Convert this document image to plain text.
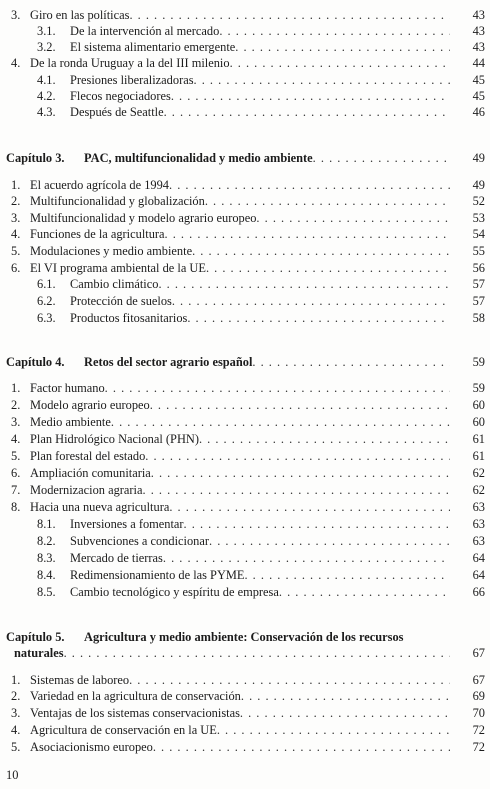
3. Giro en las políticas . . .	43
3.1. De la intervención al mercado . . .	43
3.2. El sistema alimentario emergente . . .	43
4. De la ronda Uruguay a la del III milenio . . .	44
4.1. Presiones liberalizadoras . . .	45
4.2. Flecos negociadores . . .	45
4.3. Después de Seattle . . .	46
Capítulo 3. PAC, multifuncionalidad y medio ambiente . . .	49
1. El acuerdo agrícola de 1994 . . .	49
2. Multifuncionalidad y globalización . . .	52
3. Multifuncionalidad y modelo agrario europeo . . .	53
4. Funciones de la agricultura . . .	54
5. Modulaciones y medio ambiente . . .	55
6. El VI programa ambiental de la UE . . .	56
6.1. Cambio climático . . .	57
6.2. Protección de suelos . . .	57
6.3. Productos fitosanitarios . . .	58
Capítulo 4. Retos del sector agrario español . . .	59
1. Factor humano . . .	59
2. Modelo agrario europeo . . .	60
3. Medio ambiente . . .	60
4. Plan Hidrológico Nacional (PHN) . . .	61
5. Plan forestal del estado . . .	61
6. Ampliación comunitaria . . .	62
7. Modernizacion agraria . . .	62
8. Hacia una nueva agricultura . . .	63
8.1. Inversiones a fomentar . . .	63
8.2. Subvenciones a condicionar . . .	63
8.3. Mercado de tierras . . .	64
8.4. Redimensionamiento de las PYME . . .	64
8.5. Cambio tecnológico y espíritu de empresa . . .	66
Capítulo 5. Agricultura y medio ambiente: Conservación de los recursos
naturales . . .	67
1. Sistemas de laboreo . . .	67
2. Variedad en la agricultura de conservación . . .	69
3. Ventajas de los sistemas conservacionistas . . .	70
4. Agricultura de conservación en la UE . . .	72
5. Asociacionismo europeo . . .	72
10
